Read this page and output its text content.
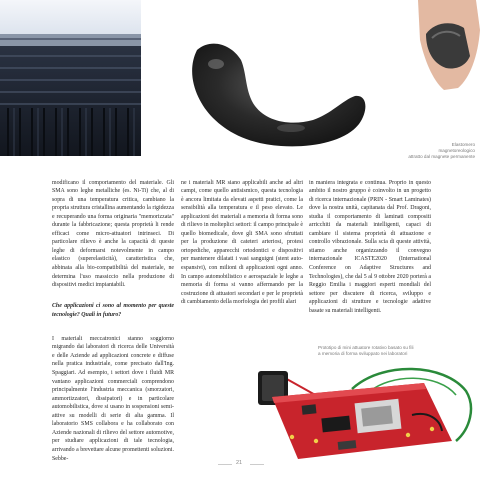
Elastomero
magnetoreologico
attratto dal magnete permanente

modificano il comportamento del materiale. Gli SMA sono leghe metalliche (es. Ni-Ti) che, al di sopra di una temperatura critica, cambiano la propria struttura cristallina aumentando la rigidezza e recuperando una forma originaria "memorizzata" durante la fabbricazione; questa proprietà li rende efficaci come micro-attuatori intrinseci. Di particolare rilievo è anche la capacità di queste leghe di deformarsi notevolmente in campo elastico (superelasticità), caratteristica che, abbinata alla bio-compatibilità del materiale, ne determina l'uso massiccio nella produzione di dispositivi medici impiantabili.

Che applicazioni ci sono al momento per queste tecnologie? Quali in futuro?

I materiali meccatronici stanno soggiorno migrando dai laboratori di ricerca delle Università e delle Aziende ad applicazioni concrete e diffuse nella pratica industriale, come precisato dall'Ing. Spaggiari. Ad esempio, i settori dove i fluidi MR vantano applicazioni commerciali comprendono principalmente l'industria meccanica (smorzatori, ammortizzatori, dissipatori) e in particolare automobilistica, dove si usano in sospensioni semi-attive su modelli di serie di alta gamma. Il laboratorio SMS collabora e ha collaborato con Aziende nazionali di rilievo del settore automotive, per studiare applicazioni di tale tecnologia, arrivando a brevettare alcune promettenti soluzioni. Sebbe-

ne i materiali MR siano applicabili anche ad altri campi, come quello antisismico, questa tecnologia è ancora limitata da elevati aspetti pratici, come la sensibilità alla temperatura e il peso elevato. Le applicazioni dei materiali a memoria di forma sono di rilievo in molteplici settori: il campo principale è quello biomedicale, dove gli SMA sono sfruttati per la produzione di cateteri arteriosi, protesi ortopediche, apparecchi ortodontici e dispositivi per mantenere dilatati i vasi sanguigni (stent auto-espansivi), con milioni di applicazioni ogni anno. In campo automobilistico e aerospaziale le leghe a memoria di forma si vanno affermando per la costruzione di attuatori secondari e per le proprietà di cambiamento della morfologia dei profili alari

in maniera integrata e continua. Proprio in questo ambito il nostro gruppo è coinvolto in un progetto di ricerca internazionale (PRIN - Smart Laminates) dove la nostra unità, capitanata dal Prof. Dragoni, studia il comportamento di laminati compositi arricchiti da materiali intelligenti, capaci di cambiare il sistema proprietà di attuazione e controllo vibrazionale. Sulla scia di queste attività, stiamo anche organizzando il convegno internazionale ICASTE2020 (International Conference on Adaptive Structures and Technologies), che dal 5 al 9 ottobre 2020 porterà a Reggio Emilia i maggiori esperti mondiali del settore per discutere di ricerca, sviluppo e applicazioni di strutture e tecnologie adattive basate su materiali intelligenti.

Prototipo di mini attuatore rotativo basato su fili
a memoria di forma sviluppato nei laboratori
21
